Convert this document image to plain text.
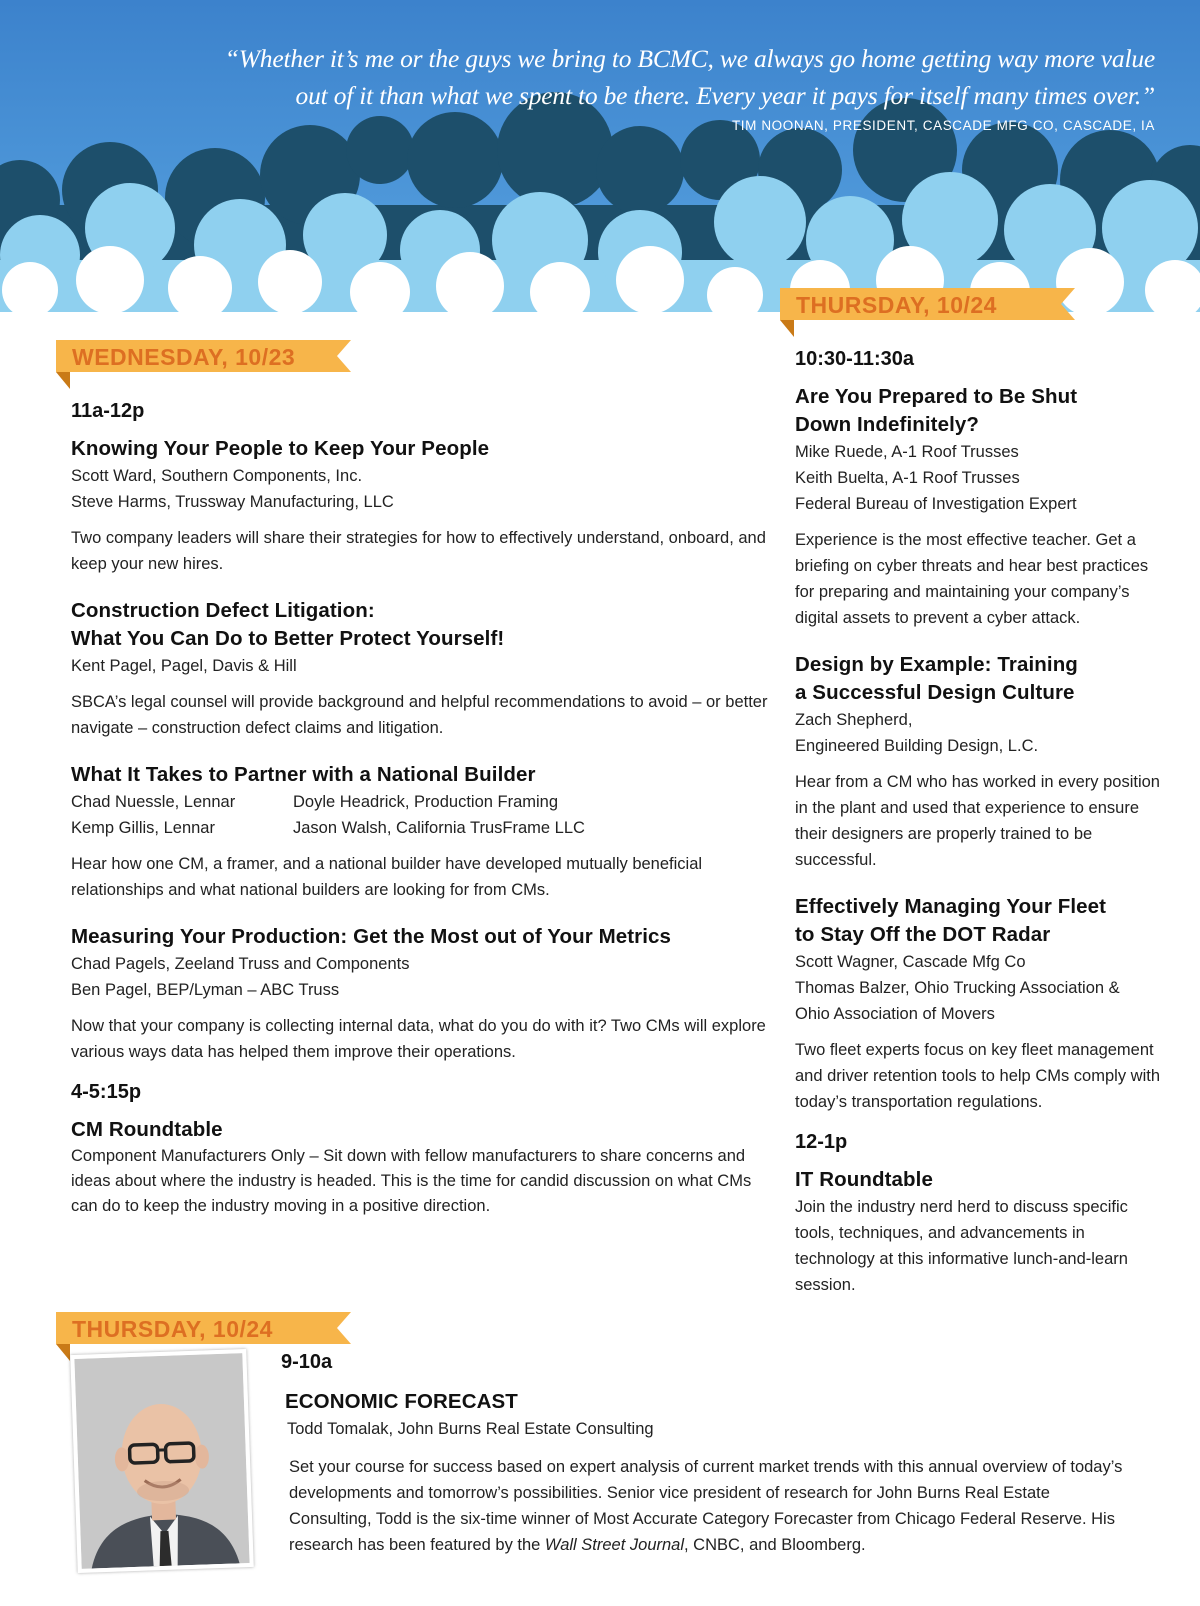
“Whether it’s me or the guys we bring to BCMC, we always go home getting way more value
out of it than what we spent to be there. Every year it pays for itself many times over.”
TIM NOONAN, PRESIDENT, CASCADE MFG CO, CASCADE, IA
WEDNESDAY, 10/23
THURSDAY, 10/24
THURSDAY, 10/24
11a-12p
Knowing Your People to Keep Your People
Scott Ward, Southern Components, Inc.
Steve Harms, Trussway Manufacturing, LLC
Two company leaders will share their strategies for how to effectively understand, onboard, and keep your new hires.
Construction Defect Litigation:
What You Can Do to Better Protect Yourself!
Kent Pagel, Pagel, Davis & Hill
SBCA’s legal counsel will provide background and helpful recommendations to avoid – or better navigate – construction defect claims and litigation.
What It Takes to Partner with a National Builder
Chad Nuessle, Lennar
Kemp Gillis, Lennar
Doyle Headrick, Production Framing
Jason Walsh, California TrusFrame LLC
Hear how one CM, a framer, and a national builder have developed mutually beneficial relationships and what national builders are looking for from CMs.
Measuring Your Production: Get the Most out of Your Metrics
Chad Pagels, Zeeland Truss and Components
Ben Pagel, BEP/Lyman – ABC Truss
Now that your company is collecting internal data, what do you do with it? Two CMs will explore various ways data has helped them improve their operations.
4-5:15p
CM Roundtable
Component Manufacturers Only – Sit down with fellow manufacturers to share concerns and ideas about where the industry is headed. This is the time for candid discussion on what CMs can do to keep the industry moving in a positive direction.
10:30-11:30a
Are You Prepared to Be Shut
Down Indefinitely?
Mike Ruede, A-1 Roof Trusses
Keith Buelta, A-1 Roof Trusses
Federal Bureau of Investigation Expert
Experience is the most effective teacher. Get a briefing on cyber threats and hear best practices for preparing and maintaining your company’s digital assets to prevent a cyber attack.
Design by Example: Training
a Successful Design Culture
Zach Shepherd,
Engineered Building Design, L.C.
Hear from a CM who has worked in every position in the plant and used that experience to ensure their designers are properly trained to be successful.
Effectively Managing Your Fleet
to Stay Off the DOT Radar
Scott Wagner, Cascade Mfg Co
Thomas Balzer, Ohio Trucking Association &
Ohio Association of Movers
Two fleet experts focus on key fleet management and driver retention tools to help CMs comply with today’s transportation regulations.
12-1p
IT Roundtable
Join the industry nerd herd to discuss specific tools, techniques, and advancements in technology at this informative lunch-and-learn session.
9-10a
ECONOMIC FORECAST
Todd Tomalak, John Burns Real Estate Consulting
Set your course for success based on expert analysis of current market trends with this annual overview of today’s developments and tomorrow’s possibilities. Senior vice president of research for John Burns Real Estate Consulting, Todd is the six-time winner of Most Accurate Category Forecaster from Chicago Federal Reserve. His research has been featured by the Wall Street Journal, CNBC, and Bloomberg.
